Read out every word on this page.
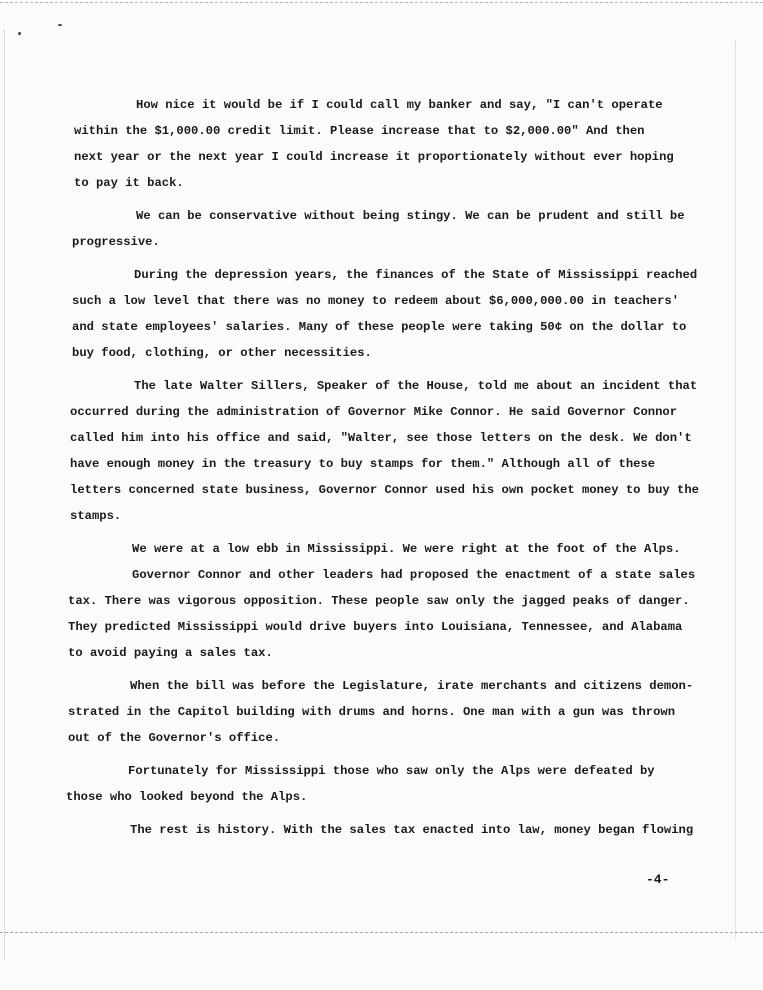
How nice it would be if I could call my banker and say, "I can't operate
within the $1,000.00 credit limit. Please increase that to $2,000.00" And then
next year or the next year I could increase it proportionately without ever hoping
to pay it back.
We can be conservative without being stingy. We can be prudent and still be
progressive.
During the depression years, the finances of the State of Mississippi reached
such a low level that there was no money to redeem about $6,000,000.00 in teachers'
and state employees' salaries. Many of these people were taking 50¢ on the dollar to
buy food, clothing, or other necessities.
The late Walter Sillers, Speaker of the House, told me about an incident that
occurred during the administration of Governor Mike Connor. He said Governor Connor
called him into his office and said, "Walter, see those letters on the desk. We don't
have enough money in the treasury to buy stamps for them." Although all of these
letters concerned state business, Governor Connor used his own pocket money to buy the
stamps.
We were at a low ebb in Mississippi. We were right at the foot of the Alps.
Governor Connor and other leaders had proposed the enactment of a state sales
tax. There was vigorous opposition. These people saw only the jagged peaks of danger.
They predicted Mississippi would drive buyers into Louisiana, Tennessee, and Alabama
to avoid paying a sales tax.
When the bill was before the Legislature, irate merchants and citizens demon-
strated in the Capitol building with drums and horns. One man with a gun was thrown
out of the Governor's office.
Fortunately for Mississippi those who saw only the Alps were defeated by
those who looked beyond the Alps.
The rest is history. With the sales tax enacted into law, money began flowing
-4-
